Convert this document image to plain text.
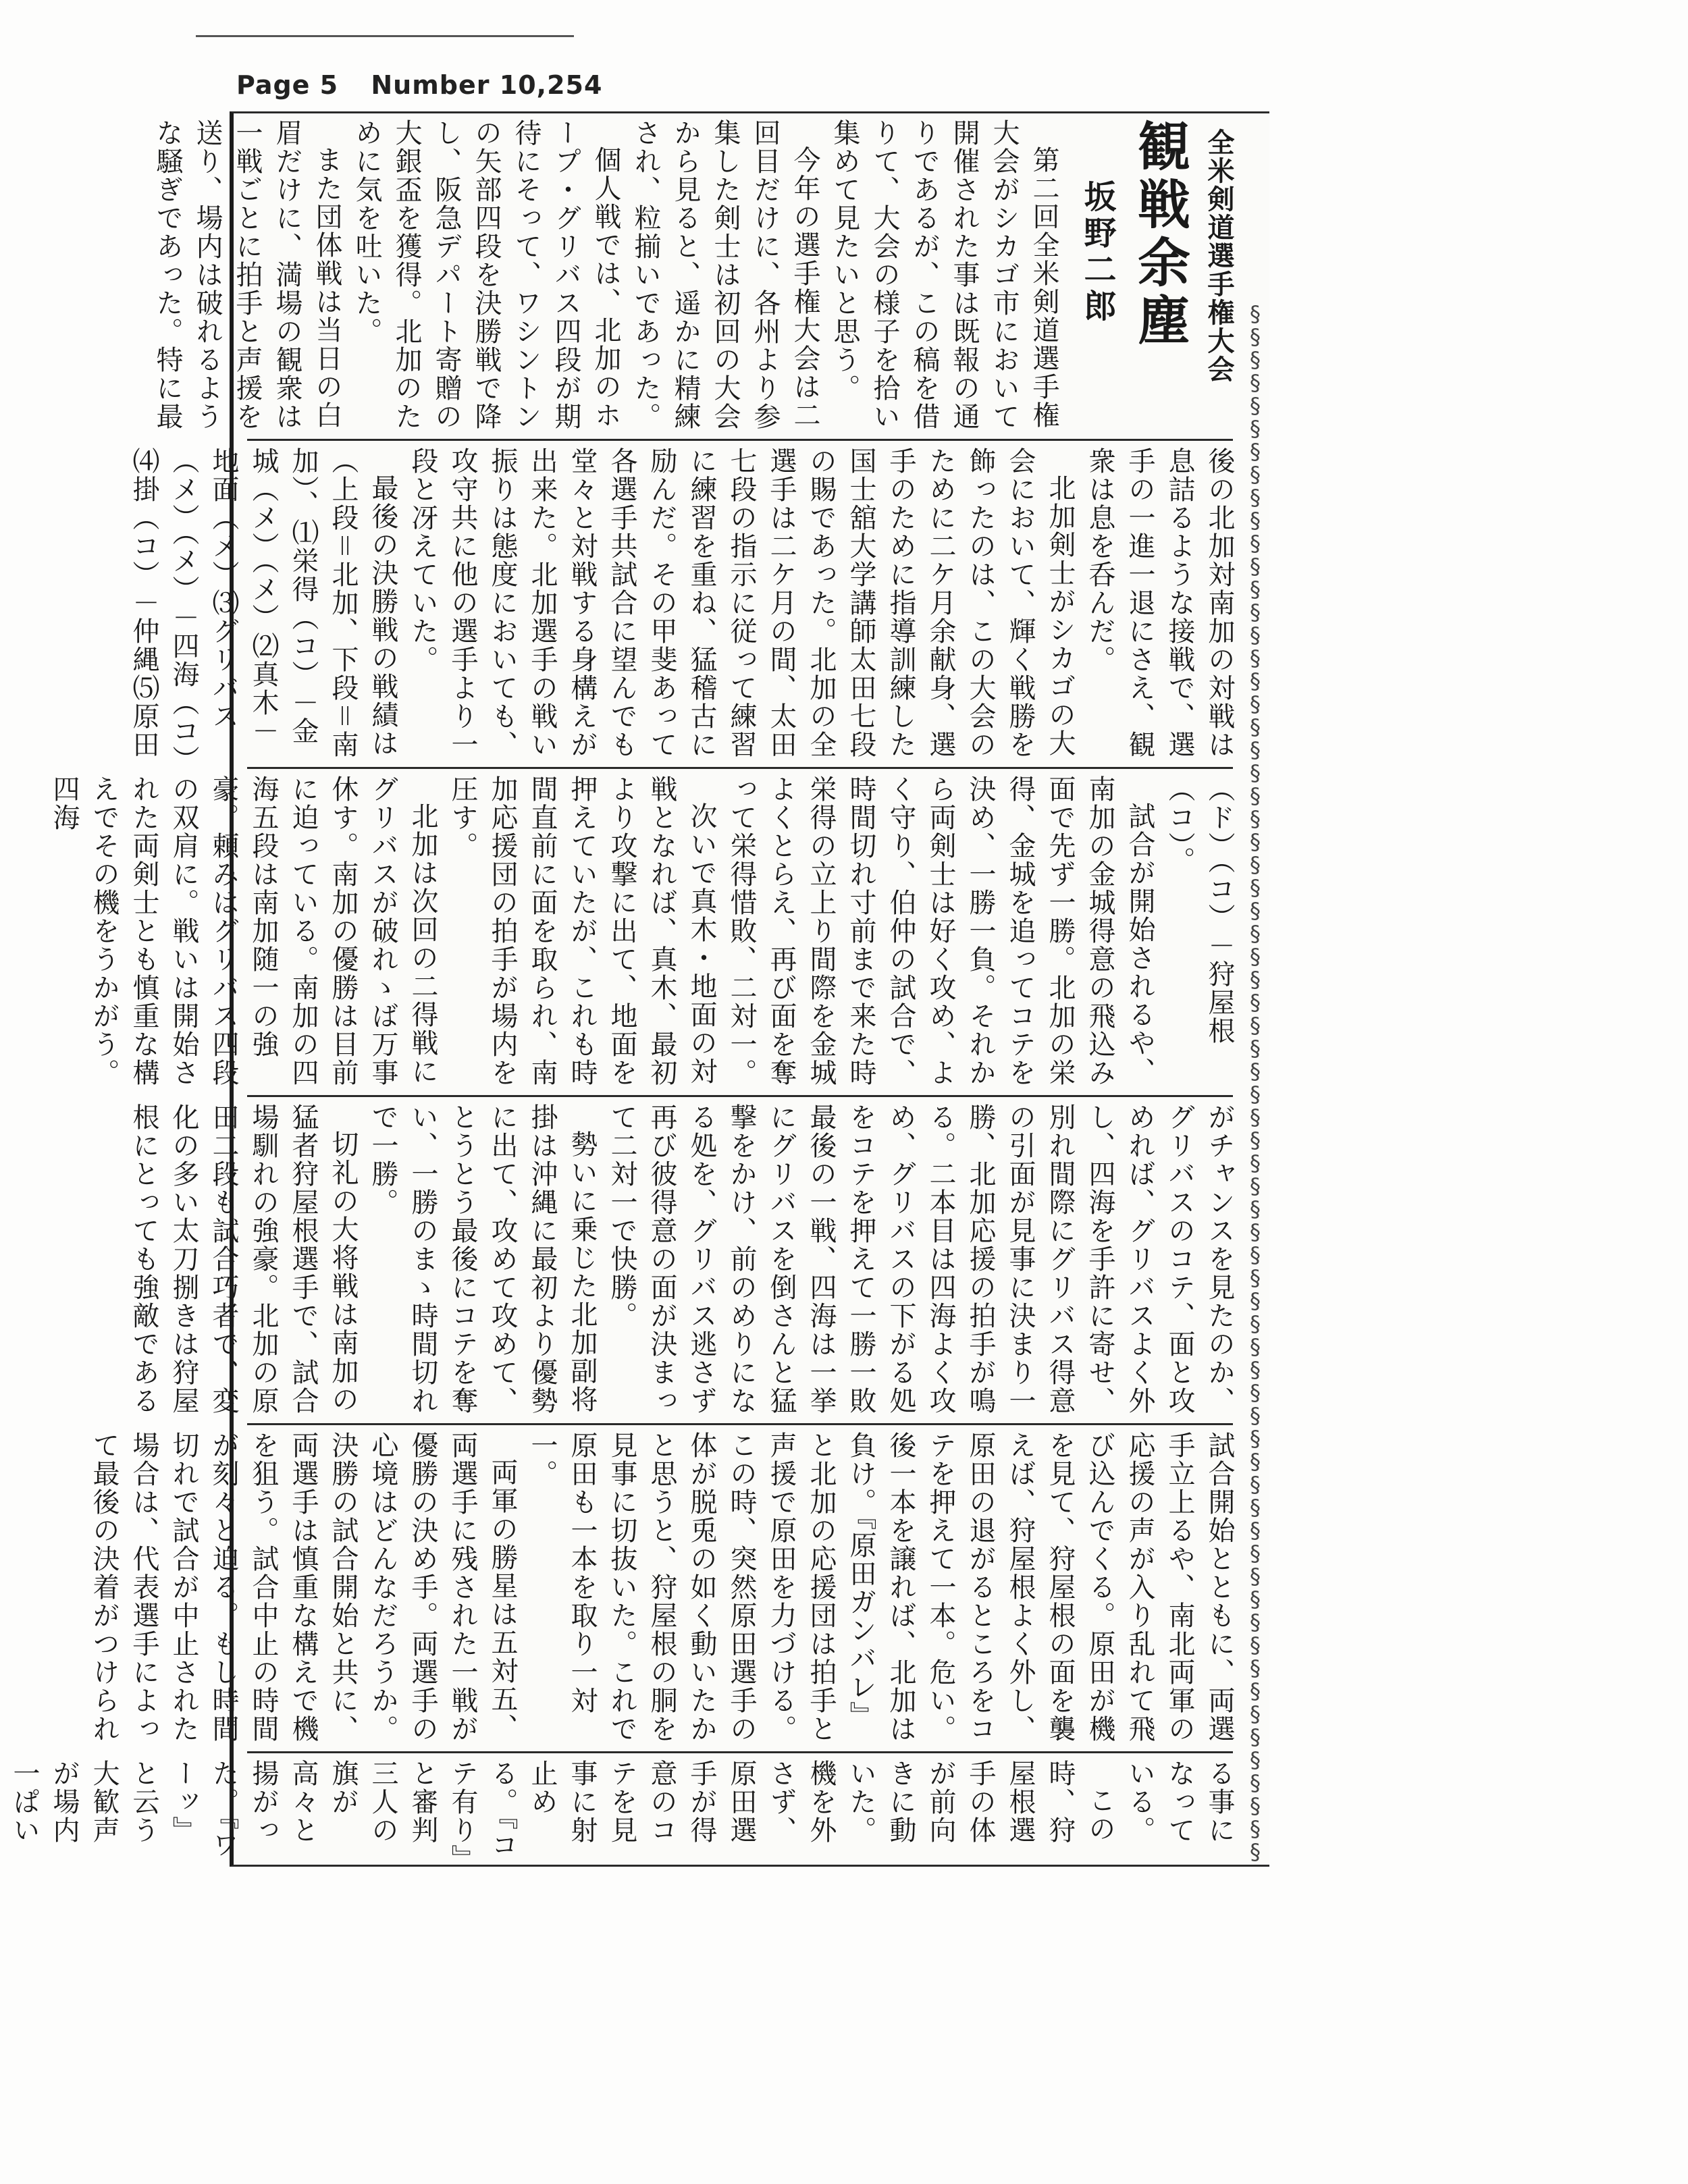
Page 5 Number 10,254
全米剣道選手権大会
観戦余塵
坂野二郎
第二回全米剣道選手権大会がシカゴ市において開催された事は既報の通りであるが、この稿を借りて、大会の様子を拾い集めて見たいと思う。
今年の選手権大会は二回目だけに、各州より参集した剣士は初回の大会から見ると、遥かに精練され、粒揃いであった。
個人戦では、北加のホープ・グリバス四段が期待にそって、ワシントンの矢部四段を決勝戦で降し、阪急デパート寄贈の大銀盃を獲得。北加のために気を吐いた。
また団体戦は当日の白眉だけに、満場の観衆は一戦ごとに拍手と声援を送り、場内は破れるような騒ぎであった。特に最
後の北加対南加の対戦は息詰るような接戦で、選手の一進一退にさえ、観衆は息を呑んだ。
北加剣士がシカゴの大会において、輝く戦勝を飾ったのは、この大会のために二ケ月余献身、選手のために指導訓練した国士舘大学講師太田七段の賜であった。北加の全選手は二ケ月の間、太田七段の指示に従って練習に練習を重ね、猛稽古に励んだ。その甲斐あって各選手共試合に望んでも堂々と対戦する身構えが出来た。北加選手の戦い振りは態度においても、攻守共に他の選手より一段と冴えていた。
最後の決勝戦の戦績は（上段＝北加、下段＝南加）、⑴栄得（コ）－金城（メ）（メ）⑵真木－地面（メ）⑶グリバス（メ）（メ）－四海（コ）⑷掛（コ）－仲縄⑸原田
（ド）（コ）－狩屋根（コ）。
試合が開始されるや、南加の金城得意の飛込み面で先ず一勝。北加の栄得、金城を追ってコテを決め、一勝一負。それから両剣士は好く攻め、よく守り、伯仲の試合で、時間切れ寸前まで来た時栄得の立上り間際を金城よくとらえ、再び面を奪って栄得惜敗、二対一。
次いで真木・地面の対戦となれば、真木、最初より攻撃に出て、地面を押えていたが、これも時間直前に面を取られ、南加応援団の拍手が場内を圧す。
北加は次回の二得戦にグリバスが破れゝば万事休す。南加の優勝は目前に迫っている。南加の四海五段は南加随一の強豪。頼みはグリバス四段の双肩に。戦いは開始された両剣士とも慎重な構えでその機をうかがう。四海
がチャンスを見たのか、グリバスのコテ、面と攻めれば、グリバスよく外し、四海を手許に寄せ、別れ間際にグリバス得意の引面が見事に決まり一勝、北加応援の拍手が鳴る。二本目は四海よく攻め、グリバスの下がる処をコテを押えて一勝一敗最後の一戦、四海は一挙にグリバスを倒さんと猛撃をかけ、前のめりになる処を、グリバス逃さず再び彼得意の面が決まって二対一で快勝。
勢いに乗じた北加副将掛は沖縄に最初より優勢に出て、攻めて攻めて、とうとう最後にコテを奪い、一勝のまゝ時間切れで一勝。
切礼の大将戦は南加の猛者狩屋根選手で、試合場馴れの強豪。北加の原田二段も試合巧者で、変化の多い太刀捌きは狩屋根にとっても強敵である
試合開始とともに、両選手立上るや、南北両軍の応援の声が入り乱れて飛び込んでくる。原田が機を見て、狩屋根の面を襲えば、狩屋根よく外し、原田の退がるところをコテを押えて一本。危い。後一本を譲れば、北加は負け。『原田ガンバレ』と北加の応援団は拍手と声援で原田を力づける。この時、突然原田選手の体が脱兎の如く動いたかと思うと、狩屋根の胴を見事に切抜いた。これで原田も一本を取り一対一。
両軍の勝星は五対五、両選手に残された一戦が優勝の決め手。両選手の心境はどんなだろうか。決勝の試合開始と共に、両選手は慎重な構えで機を狙う。試合中止の時間が刻々と迫る。もし時間切れで試合が中止された場合は、代表選手によって最後の決着がつけられ
る事になっている。
この時、狩屋根選手の体が前向きに動いた。機を外さず、原田選手が得意のコテを見事に射止める。『コテ有り』と審判三人の旗が高々と揚がった。『ワーッ』と云う大歓声が場内一ぱい
§
§
§
§
§
§
§
§
§
§
§
§
§
§
§
§
§
§
§
§
§
§
§
§
§
§
§
§
§
§
§
§
§
§
§
§
§
§
§
§
§
§
§
§
§
§
§
§
§
§
§
§
§
§
§
§
§
§
§
§
§
§
§
§
§
§
§
§
